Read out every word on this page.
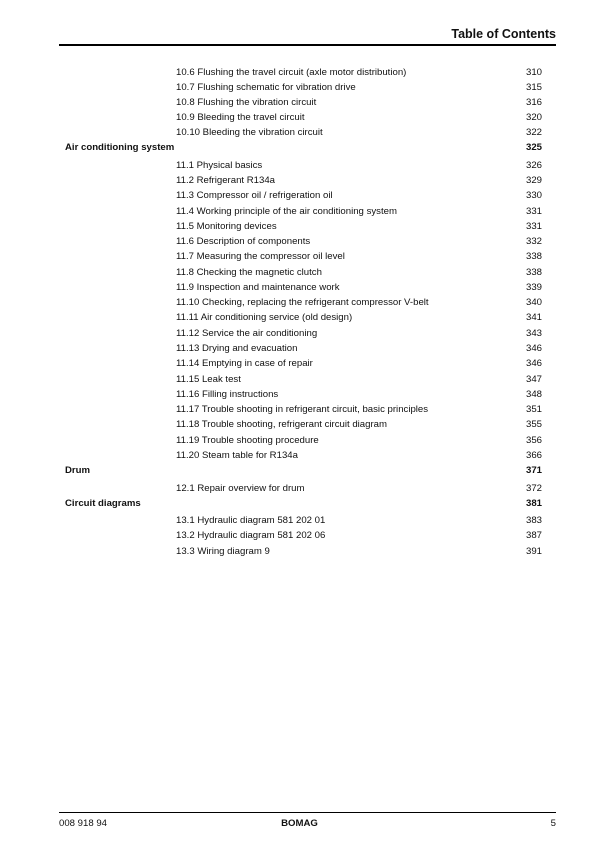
Table of Contents
10.6 Flushing the travel circuit (axle motor distribution)	310
10.7 Flushing schematic for vibration drive	315
10.8 Flushing the vibration circuit	316
10.9 Bleeding the travel circuit	320
10.10 Bleeding the vibration circuit	322
Air conditioning system	325
11.1 Physical basics	326
11.2 Refrigerant R134a	329
11.3 Compressor oil / refrigeration oil	330
11.4 Working principle of the air conditioning system	331
11.5 Monitoring devices	331
11.6 Description of components	332
11.7 Measuring the compressor oil level	338
11.8 Checking the magnetic clutch	338
11.9 Inspection and maintenance work	339
11.10 Checking, replacing the refrigerant compressor V-belt	340
11.11 Air conditioning service (old design)	341
11.12 Service the air conditioning	343
11.13 Drying and evacuation	346
11.14 Emptying in case of repair	346
11.15 Leak test	347
11.16 Filling instructions	348
11.17 Trouble shooting in refrigerant circuit, basic principles	351
11.18 Trouble shooting, refrigerant circuit diagram	355
11.19 Trouble shooting procedure	356
11.20 Steam table for R134a	366
Drum	371
12.1 Repair overview for drum	372
Circuit diagrams	381
13.1 Hydraulic diagram 581 202 01	383
13.2 Hydraulic diagram 581 202 06	387
13.3 Wiring diagram 9	391
008 918 94	BOMAG	5
